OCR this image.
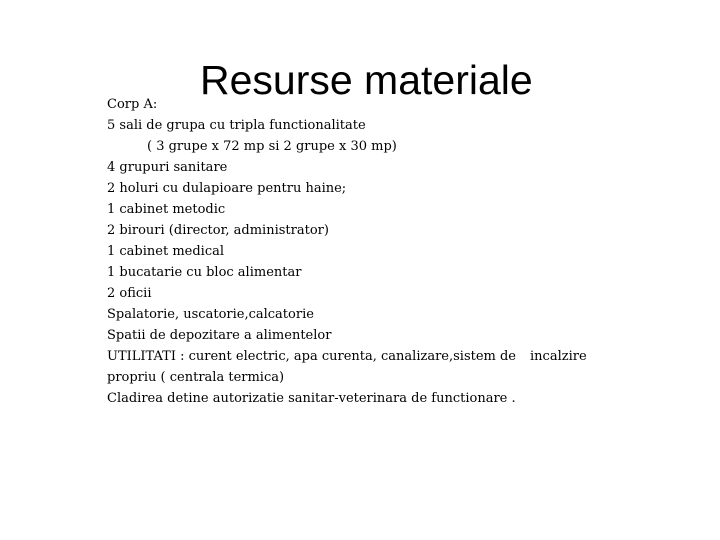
Resurse materiale
Corp A:
5 sali de grupa cu tripla functionalitate
( 3 grupe x 72 mp si 2 grupe x 30 mp)
4 grupuri sanitare
2 holuri cu dulapioare pentru haine;
1 cabinet metodic
2 birouri (director, administrator)
1 cabinet medical
1 bucatarie cu bloc alimentar
2 oficii
Spalatorie, uscatorie,calcatorie
Spatii de depozitare a alimentelor
UTILITATI : curent electric, apa curenta, canalizare,sistem de incalzire
propriu ( centrala termica)
Cladirea detine autorizatie sanitar-veterinara de functionare .
